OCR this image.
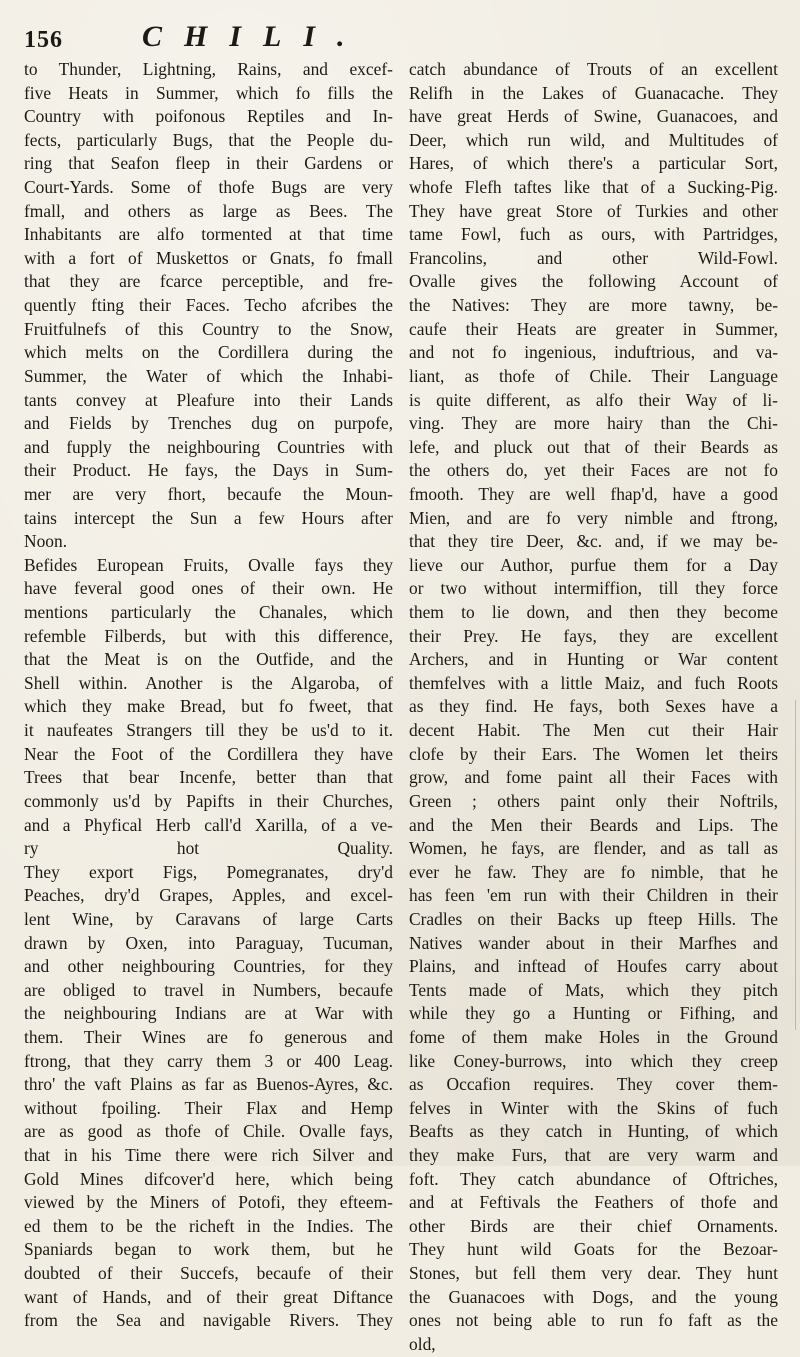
156	CHILI.
to Thunder, Lightning, Rains, and excef-
five Heats in Summer, which fo fills the
Country with poifonous Reptiles and In-
fects, particularly Bugs, that the People du-
ring that Seafon fleep in their Gardens or
Court-Yards. Some of thofe Bugs are very
fmall, and others as large as Bees. The
Inhabitants are alfo tormented at that time
with a fort of Muskettos or Gnats, fo fmall
that they are fcarce perceptible, and fre-
quently fting their Faces. Techo afcribes the
Fruitfulnefs of this Country to the Snow,
which melts on the Cordillera during the
Summer, the Water of which the Inhabi-
tants convey at Pleafure into their Lands
and Fields by Trenches dug on purpofe,
and fupply the neighbouring Countries with
their Product. He fays, the Days in Sum-
mer are very fhort, becaufe the Moun-
tains intercept the Sun a few Hours after
Noon.
Befides European Fruits, Ovalle fays they
have feveral good ones of their own. He
mentions particularly the Chanales, which
refemble Filberds, but with this difference,
that the Meat is on the Outfide, and the
Shell within. Another is the Algaroba, of
which they make Bread, but fo fweet, that
it naufeates Strangers till they be us'd to it.
Near the Foot of the Cordillera they have
Trees that bear Incenfe, better than that
commonly us'd by Papifts in their Churches,
and a Phyfical Herb call'd Xarilla, of a ve-
ry hot Quality.
They export Figs, Pomegranates, dry'd
Peaches, dry'd Grapes, Apples, and excel-
lent Wine, by Caravans of large Carts
drawn by Oxen, into Paraguay, Tucuman,
and other neighbouring Countries, for they
are obliged to travel in Numbers, becaufe
the neighbouring Indians are at War with
them. Their Wines are fo generous and
ftrong, that they carry them 3 or 400 Leag.
thro' the vaft Plains as far as Buenos-Ayres, &c.
without fpoiling. Their Flax and Hemp
are as good as thofe of Chile. Ovalle fays,
that in his Time there were rich Silver and
Gold Mines difcover'd here, which being
viewed by the Miners of Potofi, they efteem-
ed them to be the richeft in the Indies. The
Spaniards began to work them, but he
doubted of their Succefs, becaufe of their
want of Hands, and of their great Diftance
from the Sea and navigable Rivers. They
catch abundance of Trouts of an excellent
Relifh in the Lakes of Guanacache. They
have great Herds of Swine, Guanacoes, and
Deer, which run wild, and Multitudes of
Hares, of which there's a particular Sort,
whofe Flefh taftes like that of a Sucking-Pig.
They have great Store of Turkies and other
tame Fowl, fuch as ours, with Partridges,
Francolins, and other Wild-Fowl.
Ovalle gives the following Account of
the Natives: They are more tawny, be-
caufe their Heats are greater in Summer,
and not fo ingenious, induftrious, and va-
liant, as thofe of Chile. Their Language
is quite different, as alfo their Way of li-
ving. They are more hairy than the Chi-
lefe, and pluck out that of their Beards as
the others do, yet their Faces are not fo
fmooth. They are well fhap'd, have a good
Mien, and are fo very nimble and ftrong,
that they tire Deer, &c. and, if we may be-
lieve our Author, purfue them for a Day
or two without intermiffion, till they force
them to lie down, and then they become
their Prey. He fays, they are excellent
Archers, and in Hunting or War content
themfelves with a little Maiz, and fuch Roots
as they find. He fays, both Sexes have a
decent Habit. The Men cut their Hair
clofe by their Ears. The Women let theirs
grow, and fome paint all their Faces with
Green ; others paint only their Noftrils,
and the Men their Beards and Lips. The
Women, he fays, are flender, and as tall as
ever he faw. They are fo nimble, that he
has feen 'em run with their Children in their
Cradles on their Backs up fteep Hills. The
Natives wander about in their Marfhes and
Plains, and inftead of Houfes carry about
Tents made of Mats, which they pitch
while they go a Hunting or Fifhing, and
fome of them make Holes in the Ground
like Coney-burrows, into which they creep
as Occafion requires. They cover them-
felves in Winter with the Skins of fuch
Beafts as they catch in Hunting, of which
they make Furs, that are very warm and
foft. They catch abundance of Oftriches,
and at Feftivals the Feathers of thofe and
other Birds are their chief Ornaments.
They hunt wild Goats for the Bezoar-
Stones, but fell them very dear. They hunt
the Guanacoes with Dogs, and the young
ones not being able to run fo faft as the
old,
